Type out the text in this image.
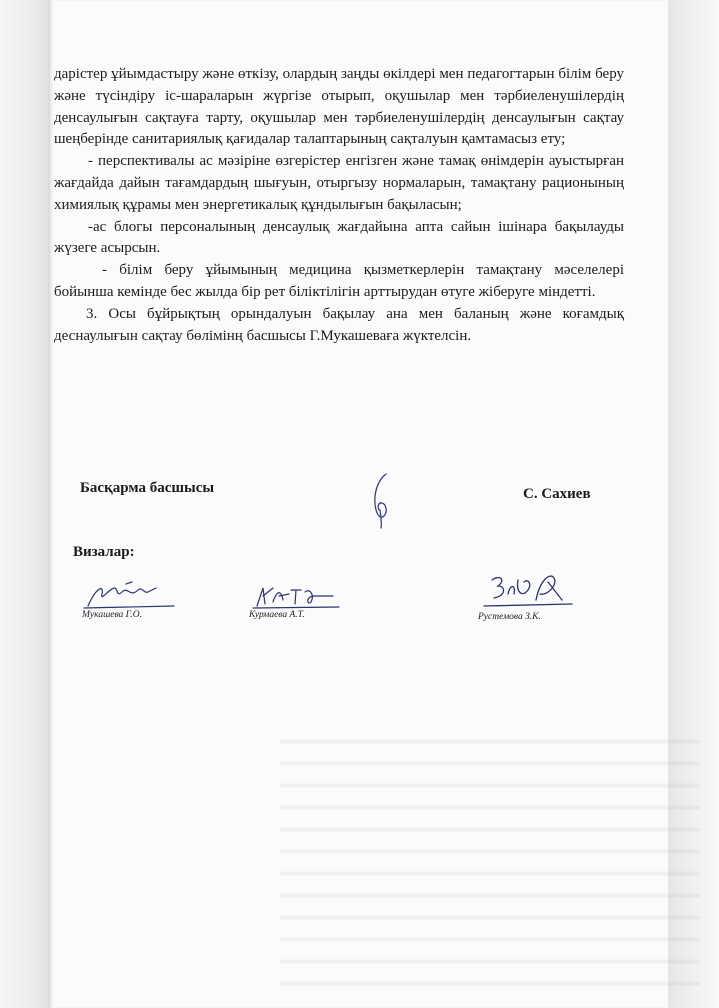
дарістер ұйымдастыру және өткізу, олардың заңды өкілдері мен педагогтарын білім беру және түсіндіру іс-шараларын жүргізе отырып, оқушылар мен тәрбиеленушілердің денсаулығын сақтауға тарту, оқушылар мен тәрбиеленушілердің денсаулығын сақтау шеңберінде санитариялық қағидалар талаптарының сақталуын қамтамасыз ету;

- перспективалы ас мәзіріне өзгерістер енгізген және тамақ өнімдерін ауыстырған жағдайда дайын тағамдардың шығуын, отыргызу нормаларын, тамақтану рационының химиялық құрамы мен энергетикалық құндылығын бақыласын;

-ас блогы персоналының денсаулық жағдайына апта сайын ішінара бақылауды жүзеге асырсын.

- білім беру ұйымының медицина қызметкерлерін тамақтану мәселелері бойынша кемінде бес жылда бір рет біліктілігін арттырудан өтуге жіберуге міндетті.

3. Осы бұйрықтың орындалуын бақылау ана мен баланың және коғамдық деснаулығын сақтау бөлімінң басшысы Г.Мукашеваға жүктелсін.

Басқарма басшысы	С. Сахиев
Визалар:
Мукашева Г.О.	Курмаева А.Т.	Рустемова З.К.
